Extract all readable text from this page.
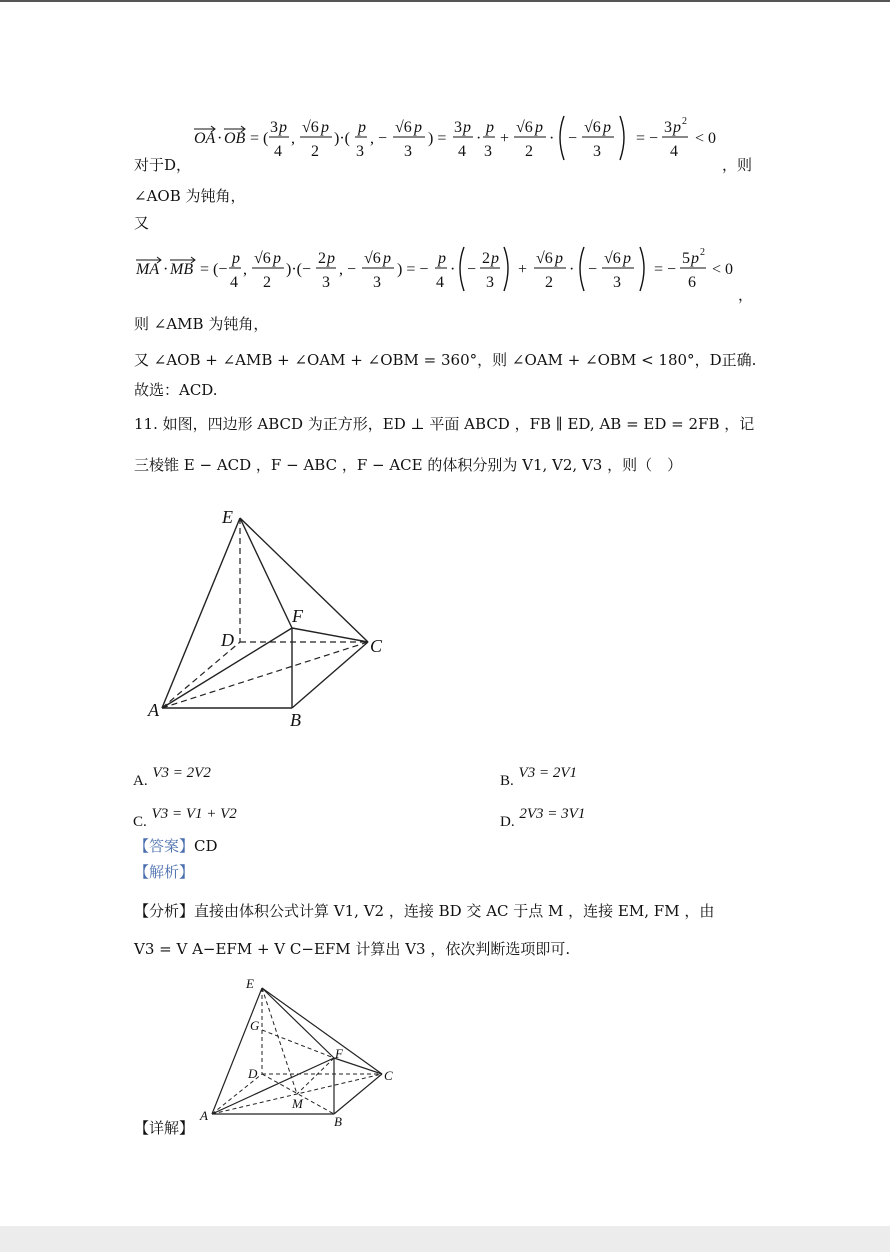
OA · OB = (
3 p
4
,
√6 p
2
)·(
p
3
, −
√6 p
3
) =
3 p
4
·
p
3
+
√6 p
2
· −
√6 p
3
= −
3 p 2
4
< 0
对于D，	，则
∠AOB 为钝角，
又
MA · MB = (−
p
4
,
√6 p
2
)·(−
2 p
3
, −
√6 p
3
) = −
p
4
· −
2 p
3
+
√6 p
2
· −
√6 p
3
= −
5 p 2
6
< 0
，
则 ∠AMB 为钝角，
又 ∠AOB + ∠AMB + ∠OAM + ∠OBM = 360°，则 ∠OAM + ∠OBM < 180°，D正确.
故选：ACD.
11. 如图，四边形 ABCD 为正方形，ED ⊥ 平面 ABCD ，FB ∥ ED, AB = ED = 2FB ，记
三棱锥 E − ACD ，F − ABC ，F − ACE 的体积分别为 V1, V2, V3 ，则（　）
E
F
D	C
A	B
A. V3 = 2V2	B. V3 = 2V1
C. V3 = V1 + V2	D. 2V3 = 3V1
【答案】CD
【解析】
【分析】直接由体积公式计算 V1, V2 ，连接 BD 交 AC 于点 M ，连接 EM, FM ，由
V3 = V A−EFM + V C−EFM 计算出 V3 ，依次判断选项即可.
E
G
F
D	C
M
A	B
【详解】
